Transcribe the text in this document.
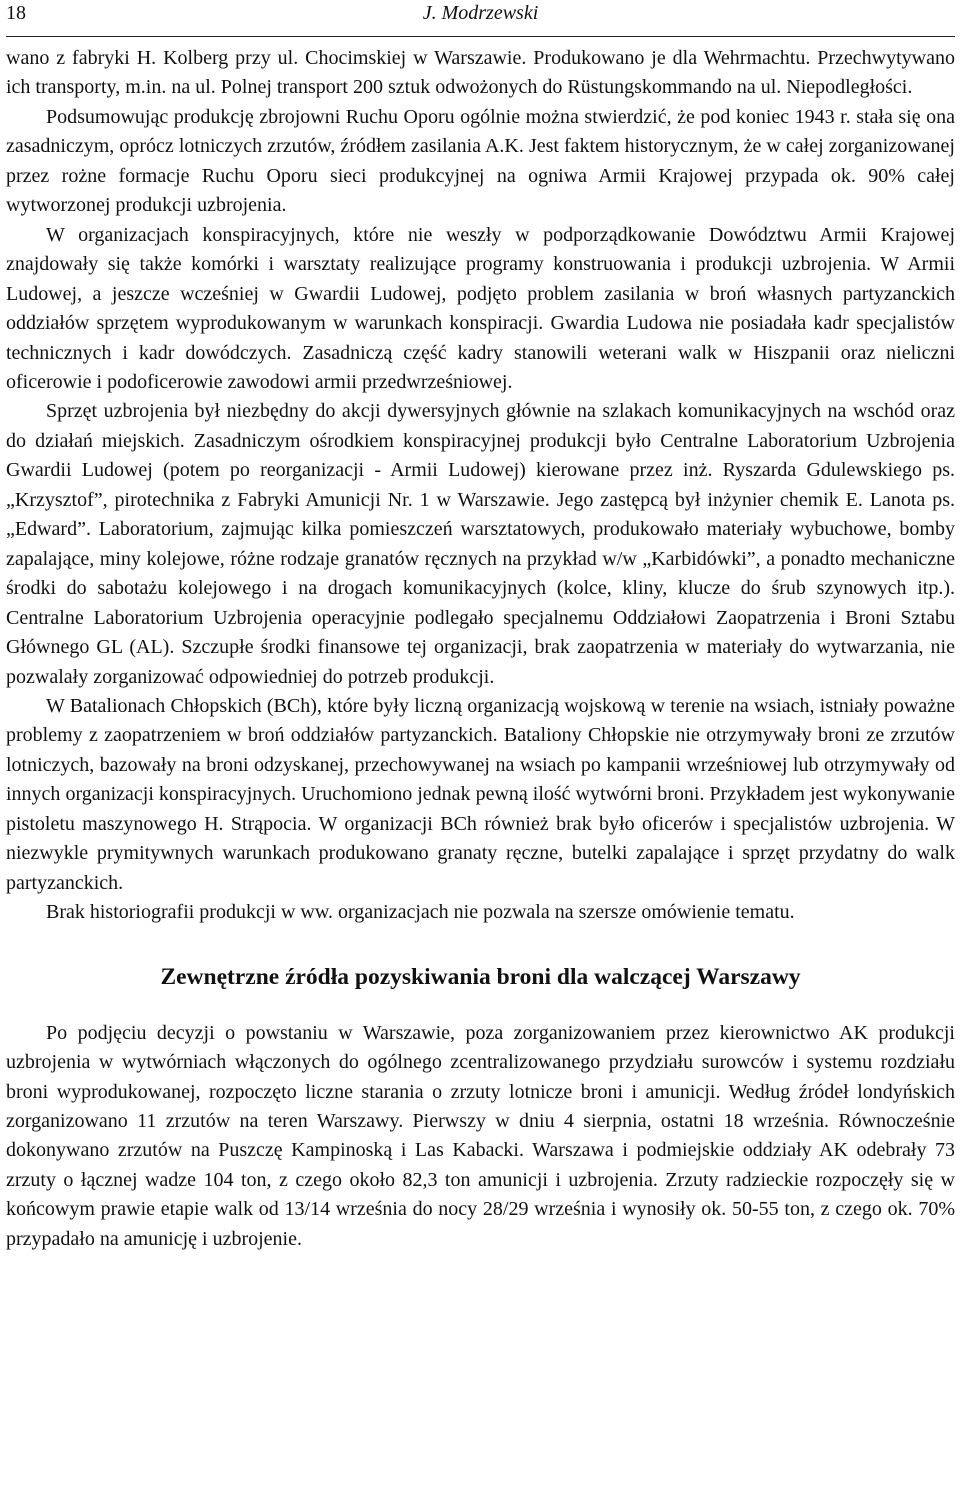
18	J. Modrzewski

wano z fabryki H. Kolberg przy ul. Chocimskiej w Warszawie. Produkowano je dla Wehrmachtu. Przechwytywano ich transporty, m.in. na ul. Polnej transport 200 sztuk odwożonych do Rüstungskommando na ul. Niepodległości.

Podsumowując produkcję zbrojowni Ruchu Oporu ogólnie można stwierdzić, że pod koniec 1943 r. stała się ona zasadniczym, oprócz lotniczych zrzutów, źródłem zasilania A.K. Jest faktem historycznym, że w całej zorganizowanej przez rożne formacje Ruchu Oporu sieci produkcyjnej na ogniwa Armii Krajowej przypada ok. 90% całej wytworzonej produkcji uzbrojenia.

W organizacjach konspiracyjnych, które nie weszły w podporządkowanie Dowództwu Armii Krajowej znajdowały się także komórki i warsztaty realizujące programy konstruowania i produkcji uzbrojenia. W Armii Ludowej, a jeszcze wcześniej w Gwardii Ludowej, podjęto problem zasilania w broń własnych partyzanckich oddziałów sprzętem wyprodukowanym w warunkach konspiracji. Gwardia Ludowa nie posiadała kadr specjalistów technicznych i kadr dowódczych. Zasadniczą część kadry stanowili weterani walk w Hiszpanii oraz nieliczni oficerowie i podoficerowie zawodowi armii przedwrześniowej.

Sprzęt uzbrojenia był niezbędny do akcji dywersyjnych głównie na szlakach komunikacyjnych na wschód oraz do działań miejskich. Zasadniczym ośrodkiem konspiracyjnej produkcji było Centralne Laboratorium Uzbrojenia Gwardii Ludowej (potem po reorganizacji - Armii Ludowej) kierowane przez inż. Ryszarda Gdulewskiego ps. „Krzysztof”, pirotechnika z Fabryki Amunicji Nr. 1 w Warszawie. Jego zastępcą był inżynier chemik E. Lanota ps. „Edward”. Laboratorium, zajmując kilka pomieszczeń warsztatowych, produkowało materiały wybuchowe, bomby zapalające, miny kolejowe, różne rodzaje granatów ręcznych na przykład w/w „Karbidówki”, a ponadto mechaniczne środki do sabotażu kolejowego i na drogach komunikacyjnych (kolce, kliny, klucze do śrub szynowych itp.). Centralne Laboratorium Uzbrojenia operacyjnie podlegało specjalnemu Oddziałowi Zaopatrzenia i Broni Sztabu Głównego GL (AL). Szczupłe środki finansowe tej organizacji, brak zaopatrzenia w materiały do wytwarzania, nie pozwalały zorganizować odpowiedniej do potrzeb produkcji.

W Batalionach Chłopskich (BCh), które były liczną organizacją wojskową w terenie na wsiach, istniały poważne problemy z zaopatrzeniem w broń oddziałów partyzanckich. Bataliony Chłopskie nie otrzymywały broni ze zrzutów lotniczych, bazowały na broni odzyskanej, przechowywanej na wsiach po kampanii wrześniowej lub otrzymywały od innych organizacji konspiracyjnych. Uruchomiono jednak pewną ilość wytwórni broni. Przykładem jest wykonywanie pistoletu maszynowego H. Strąpocia. W organizacji BCh również brak było oficerów i specjalistów uzbrojenia. W niezwykle prymitywnych warunkach produkowano granaty ręczne, butelki zapalające i sprzęt przydatny do walk partyzanckich.

Brak historiografii produkcji w ww. organizacjach nie pozwala na szersze omówienie tematu.

Zewnętrzne źródła pozyskiwania broni dla walczącej Warszawy

Po podjęciu decyzji o powstaniu w Warszawie, poza zorganizowaniem przez kierownictwo AK produkcji uzbrojenia w wytwórniach włączonych do ogólnego zcentralizowanego przydziału surowców i systemu rozdziału broni wyprodukowanej, rozpoczęto liczne starania o zrzuty lotnicze broni i amunicji. Według źródeł londyńskich zorganizowano 11 zrzutów na teren Warszawy. Pierwszy w dniu 4 sierpnia, ostatni 18 września. Równocześnie dokonywano zrzutów na Puszczę Kampinoską i Las Kabacki. Warszawa i podmiejskie oddziały AK odebrały 73 zrzuty o łącznej wadze 104 ton, z czego około 82,3 ton amunicji i uzbrojenia. Zrzuty radzieckie rozpoczęły się w końcowym prawie etapie walk od 13/14 września do nocy 28/29 września i wynosiły ok. 50-55 ton, z czego ok. 70% przypadało na amunicję i uzbrojenie.
